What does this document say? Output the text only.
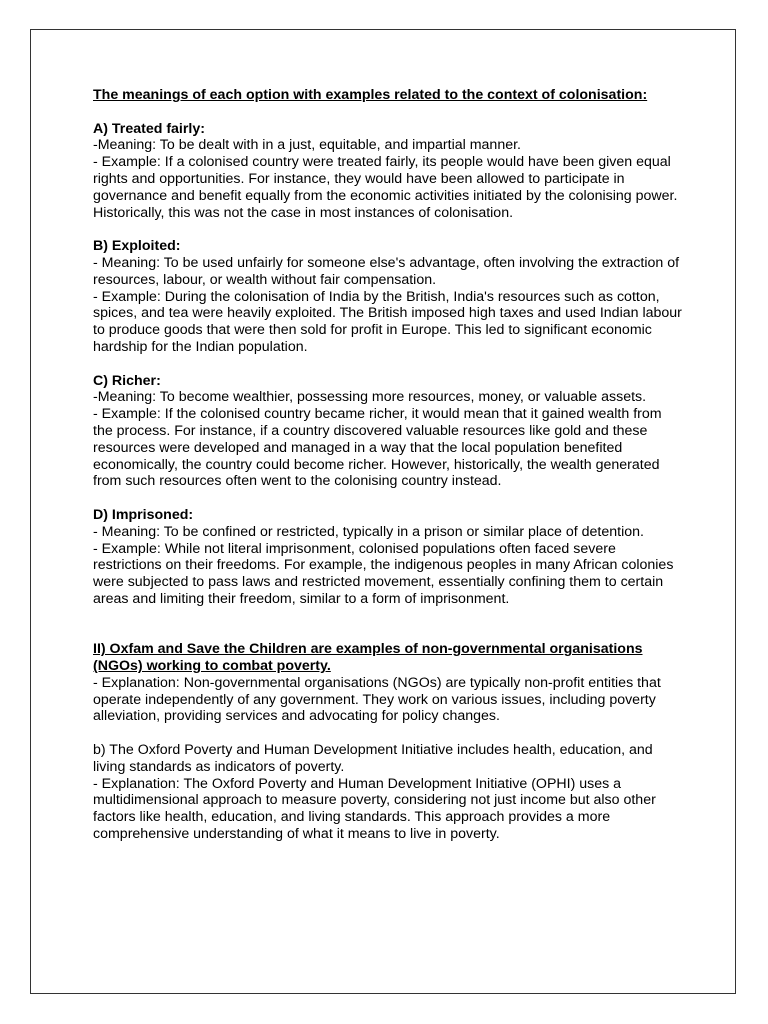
The meanings of each option with examples related to the context of colonisation:

A) Treated fairly:

-Meaning: To be dealt with in a just, equitable, and impartial manner.

- Example: If a colonised country were treated fairly, its people would have been given equal rights and opportunities. For instance, they would have been allowed to participate in governance and benefit equally from the economic activities initiated by the colonising power. Historically, this was not the case in most instances of colonisation.

B) Exploited:

- Meaning: To be used unfairly for someone else's advantage, often involving the extraction of resources, labour, or wealth without fair compensation.

- Example: During the colonisation of India by the British, India's resources such as cotton, spices, and tea were heavily exploited. The British imposed high taxes and used Indian labour to produce goods that were then sold for profit in Europe. This led to significant economic hardship for the Indian population.

C) Richer:

-Meaning: To become wealthier, possessing more resources, money, or valuable assets.

- Example: If the colonised country became richer, it would mean that it gained wealth from the process. For instance, if a country discovered valuable resources like gold and these resources were developed and managed in a way that the local population benefited economically, the country could become richer. However, historically, the wealth generated from such resources often went to the colonising country instead.

D) Imprisoned:

- Meaning: To be confined or restricted, typically in a prison or similar place of detention.

- Example: While not literal imprisonment, colonised populations often faced severe restrictions on their freedoms. For example, the indigenous peoples in many African colonies were subjected to pass laws and restricted movement, essentially confining them to certain areas and limiting their freedom, similar to a form of imprisonment.

II) Oxfam and Save the Children are examples of non-governmental organisations (NGOs) working to combat poverty.

- Explanation: Non-governmental organisations (NGOs) are typically non-profit entities that operate independently of any government. They work on various issues, including poverty alleviation, providing services and advocating for policy changes.

b) The Oxford Poverty and Human Development Initiative includes health, education, and living standards as indicators of poverty.

- Explanation: The Oxford Poverty and Human Development Initiative (OPHI) uses a multidimensional approach to measure poverty, considering not just income but also other factors like health, education, and living standards. This approach provides a more comprehensive understanding of what it means to live in poverty.
